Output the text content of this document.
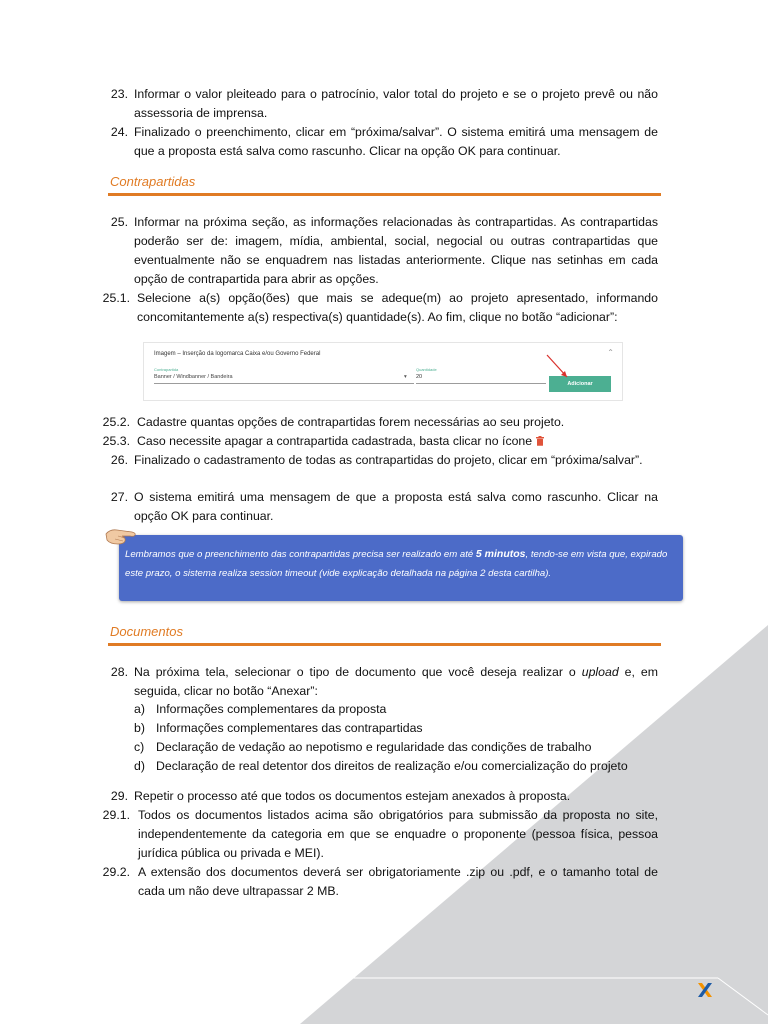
23. Informar o valor pleiteado para o patrocínio, valor total do projeto e se o projeto prevê ou não assessoria de imprensa.
24. Finalizado o preenchimento, clicar em “próxima/salvar”. O sistema emitirá uma mensagem de que a proposta está salva como rascunho. Clicar na opção OK para continuar.
Contrapartidas
25. Informar na próxima seção, as informações relacionadas às contrapartidas. As contrapartidas poderão ser de: imagem, mídia, ambiental, social, negocial ou outras contrapartidas que eventualmente não se enquadrem nas listadas anteriormente. Clique nas setinhas em cada opção de contrapartida para abrir as opções.
25.1. Selecione a(s) opção(ões) que mais se adeque(m) ao projeto apresentado, informando concomitantemente a(s) respectiva(s) quantidade(s). Ao fim, clique no botão “adicionar”:
Imagem – Inserção da logomarca Caixa e/ou Governo Federal	⌃
Contrapartida
Banner / Windbanner / Bandeira	▾
Quantidade
20
Adicionar
25.2. Cadastre quantas opções de contrapartidas forem necessárias ao seu projeto.
25.3. Caso necessite apagar a contrapartida cadastrada, basta clicar no ícone
26. Finalizado o cadastramento de todas as contrapartidas do projeto, clicar em “próxima/salvar”.
27. O sistema emitirá uma mensagem de que a proposta está salva como rascunho. Clicar na opção OK para continuar.
Lembramos que o preenchimento das contrapartidas precisa ser realizado em até 5 minutos, tendo-se em vista que, expirado este prazo, o sistema realiza session timeout (vide explicação detalhada na página 2 desta cartilha).
Documentos
28. Na próxima tela, selecionar o tipo de documento que você deseja realizar o upload e, em seguida, clicar no botão “Anexar”:
a) Informações complementares da proposta
b) Informações complementares das contrapartidas
c) Declaração de vedação ao nepotismo e regularidade das condições de trabalho
d) Declaração de real detentor dos direitos de realização e/ou comercialização do projeto
29. Repetir o processo até que todos os documentos estejam anexados à proposta.
29.1. Todos os documentos listados acima são obrigatórios para submissão da proposta no site, independentemente da categoria em que se enquadre o proponente (pessoa física, pessoa jurídica pública ou privada e MEI).
29.2. A extensão dos documentos deverá ser obrigatoriamente .zip ou .pdf, e o tamanho total de cada um não deve ultrapassar 2 MB.
